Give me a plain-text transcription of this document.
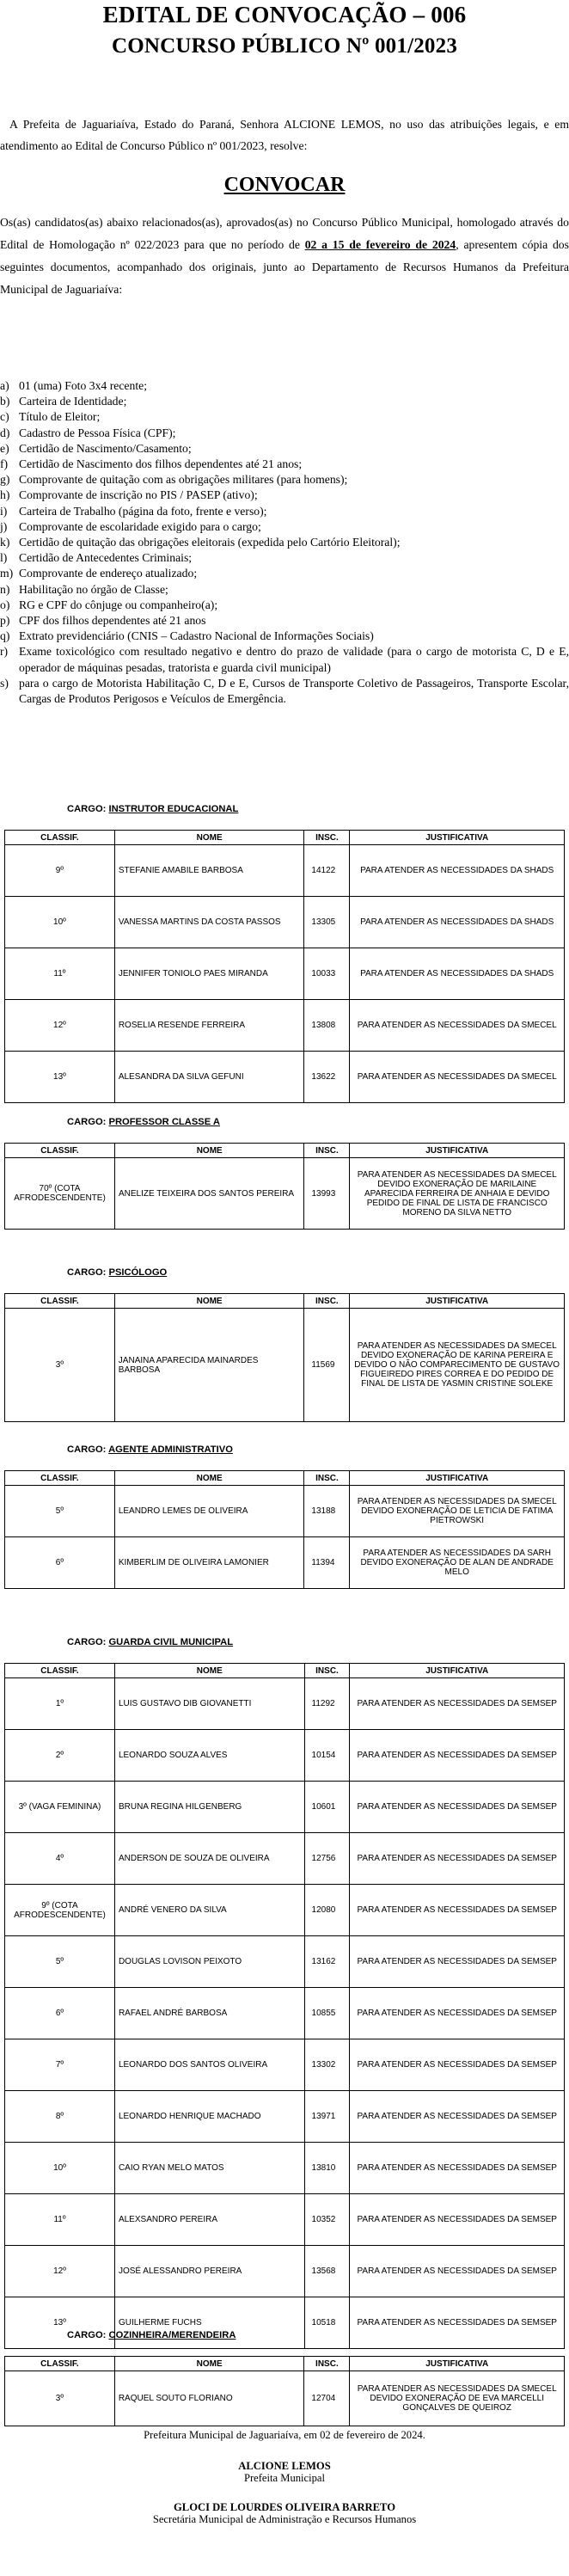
EDITAL DE CONVOCAÇÃO – 006
CONCURSO PÚBLICO Nº 001/2023

A Prefeita de Jaguariaíva, Estado do Paraná, Senhora ALCIONE LEMOS, no uso das atribuições legais, e em atendimento ao Edital de Concurso Público nº 001/2023, resolve:

CONVOCAR

Os(as) candidatos(as) abaixo relacionados(as), aprovados(as) no Concurso Público Municipal, homologado através do Edital de Homologação nº 022/2023 para que no período de 02 a 15 de fevereiro de 2024, apresentem cópia dos seguintes documentos, acompanhado dos originais, junto ao Departamento de Recursos Humanos da Prefeitura Municipal de Jaguariaíva:

a) 01 (uma) Foto 3x4 recente;
b) Carteira de Identidade;
c) Título de Eleitor;
d) Cadastro de Pessoa Física (CPF);
e) Certidão de Nascimento/Casamento;
f) Certidão de Nascimento dos filhos dependentes até 21 anos;
g) Comprovante de quitação com as obrigações militares (para homens);
h) Comprovante de inscrição no PIS / PASEP (ativo);
i) Carteira de Trabalho (página da foto, frente e verso);
j) Comprovante de escolaridade exigido para o cargo;
k) Certidão de quitação das obrigações eleitorais (expedida pelo Cartório Eleitoral);
l) Certidão de Antecedentes Criminais;
m) Comprovante de endereço atualizado;
n) Habilitação no órgão de Classe;
o) RG e CPF do cônjuge ou companheiro(a);
p) CPF dos filhos dependentes até 21 anos
q) Extrato previdenciário (CNIS – Cadastro Nacional de Informações Sociais)
r) Exame toxicológico com resultado negativo e dentro do prazo de validade (para o cargo de motorista C, D e E, operador de máquinas pesadas, tratorista e guarda civil municipal)
s) para o cargo de Motorista Habilitação C, D e E, Cursos de Transporte Coletivo de Passageiros, Transporte Escolar, Cargas de Produtos Perigosos e Veículos de Emergência.
CARGO: INSTRUTOR EDUCACIONAL
CLASSIF.	NOME	INSC.	JUSTIFICATIVA
9º	STEFANIE AMABILE BARBOSA	14122	PARA ATENDER AS NECESSIDADES DA SHADS
10º	VANESSA MARTINS DA COSTA PASSOS	13305	PARA ATENDER AS NECESSIDADES DA SHADS
11º	JENNIFER TONIOLO PAES MIRANDA	10033	PARA ATENDER AS NECESSIDADES DA SHADS
12º	ROSELIA RESENDE FERREIRA	13808	PARA ATENDER AS NECESSIDADES DA SMECEL
13º	ALESANDRA DA SILVA GEFUNI	13622	PARA ATENDER AS NECESSIDADES DA SMECEL
CARGO: PROFESSOR CLASSE A
CLASSIF.	NOME	INSC.	JUSTIFICATIVA
70º (COTA AFRODESCENDENTE)	ANELIZE TEIXEIRA DOS SANTOS PEREIRA	13993	PARA ATENDER AS NECESSIDADES DA SMECEL DEVIDO EXONERAÇÃO DE MARILAINE APARECIDA FERREIRA DE ANHAIA E DEVIDO PEDIDO DE FINAL DE LISTA DE FRANCISCO MORENO DA SILVA NETTO
CARGO: PSICÓLOGO
CLASSIF.	NOME	INSC.	JUSTIFICATIVA
3º	JANAINA APARECIDA MAINARDES BARBOSA	11569	PARA ATENDER AS NECESSIDADES DA SMECEL DEVIDO EXONERAÇÃO DE KARINA PEREIRA E DEVIDO O NÃO COMPARECIMENTO DE GUSTAVO FIGUEIREDO PIRES CORREA E DO PEDIDO DE FINAL DE LISTA DE YASMIN CRISTINE SOLEKE
CARGO: AGENTE ADMINISTRATIVO
CLASSIF.	NOME	INSC.	JUSTIFICATIVA
5º	LEANDRO LEMES DE OLIVEIRA	13188	PARA ATENDER AS NECESSIDADES DA SMECEL DEVIDO EXONERAÇÃO DE LETICIA DE FATIMA PIETROWSKI
6º	KIMBERLIM DE OLIVEIRA LAMONIER	11394	PARA ATENDER AS NECESSIDADES DA SARH DEVIDO EXONERAÇÃO DE ALAN DE ANDRADE MELO
CARGO: GUARDA CIVIL MUNICIPAL
CLASSIF.	NOME	INSC.	JUSTIFICATIVA
1º	LUIS GUSTAVO DIB GIOVANETTI	11292	PARA ATENDER AS NECESSIDADES DA SEMSEP
2º	LEONARDO SOUZA ALVES	10154	PARA ATENDER AS NECESSIDADES DA SEMSEP
3º (VAGA FEMININA)	BRUNA REGINA HILGENBERG	10601	PARA ATENDER AS NECESSIDADES DA SEMSEP
4º	ANDERSON DE SOUZA DE OLIVEIRA	12756	PARA ATENDER AS NECESSIDADES DA SEMSEP
9º (COTA AFRODESCENDENTE)	ANDRÉ VENERO DA SILVA	12080	PARA ATENDER AS NECESSIDADES DA SEMSEP
5º	DOUGLAS LOVISON PEIXOTO	13162	PARA ATENDER AS NECESSIDADES DA SEMSEP
6º	RAFAEL ANDRÉ BARBOSA	10855	PARA ATENDER AS NECESSIDADES DA SEMSEP
7º	LEONARDO DOS SANTOS OLIVEIRA	13302	PARA ATENDER AS NECESSIDADES DA SEMSEP
8º	LEONARDO HENRIQUE MACHADO	13971	PARA ATENDER AS NECESSIDADES DA SEMSEP
10º	CAIO RYAN MELO MATOS	13810	PARA ATENDER AS NECESSIDADES DA SEMSEP
11º	ALEXSANDRO PEREIRA	10352	PARA ATENDER AS NECESSIDADES DA SEMSEP
12º	JOSÉ ALESSANDRO PEREIRA	13568	PARA ATENDER AS NECESSIDADES DA SEMSEP
13º	GUILHERME FUCHS	10518	PARA ATENDER AS NECESSIDADES DA SEMSEP
CARGO: COZINHEIRA/MERENDEIRA
CLASSIF.	NOME	INSC.	JUSTIFICATIVA
3º	RAQUEL SOUTO FLORIANO	12704	PARA ATENDER AS NECESSIDADES DA SMECEL DEVIDO EXONERAÇÃO DE EVA MARCELLI GONÇALVES DE QUEIROZ
Prefeitura Municipal de Jaguariaíva, em 02 de fevereiro de 2024.
ALCIONE LEMOS
Prefeita Municipal
GLOCI DE LOURDES OLIVEIRA BARRETO
Secretária Municipal de Administração e Recursos Humanos
